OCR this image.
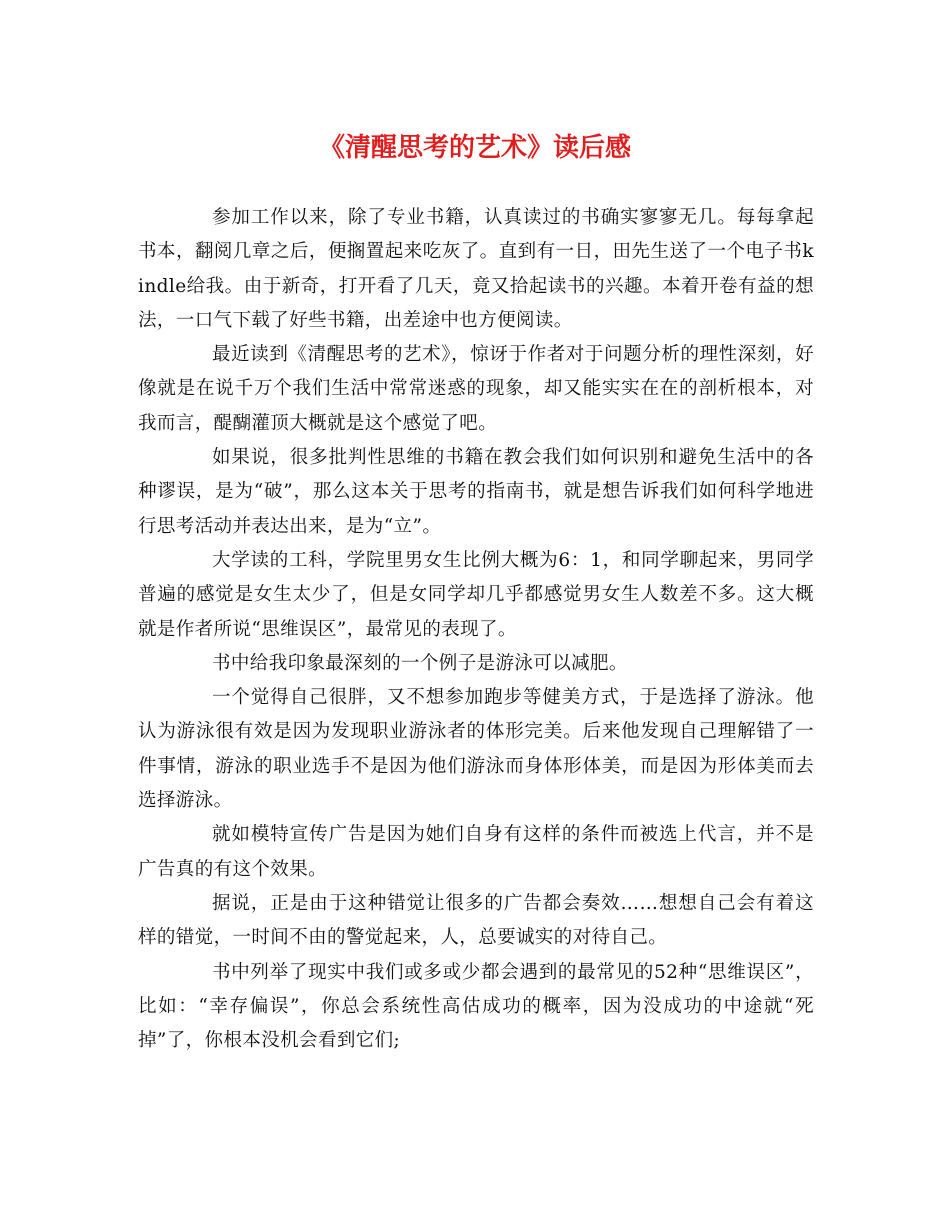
《清醒思考的艺术》读后感

参加工作以来，除了专业书籍，认真读过的书确实寥寥无几。每每拿起书本，翻阅几章之后，便搁置起来吃灰了。直到有一日，田先生送了一个电子书kindle给我。由于新奇，打开看了几天，竟又拾起读书的兴趣。本着开卷有益的想法，一口气下载了好些书籍，出差途中也方便阅读。

最近读到《清醒思考的艺术》，惊讶于作者对于问题分析的理性深刻，好像就是在说千万个我们生活中常常迷惑的现象，却又能实实在在的剖析根本，对我而言，醍醐灌顶大概就是这个感觉了吧。

如果说，很多批判性思维的书籍在教会我们如何识别和避免生活中的各种谬误，是为“破”，那么这本关于思考的指南书，就是想告诉我们如何科学地进行思考活动并表达出来，是为“立”。

大学读的工科，学院里男女生比例大概为6：1，和同学聊起来，男同学普遍的感觉是女生太少了，但是女同学却几乎都感觉男女生人数差不多。这大概就是作者所说“思维误区”，最常见的表现了。

书中给我印象最深刻的一个例子是游泳可以减肥。

一个觉得自己很胖，又不想参加跑步等健美方式，于是选择了游泳。他认为游泳很有效是因为发现职业游泳者的体形完美。后来他发现自己理解错了一件事情，游泳的职业选手不是因为他们游泳而身体形体美，而是因为形体美而去选择游泳。

就如模特宣传广告是因为她们自身有这样的条件而被选上代言，并不是广告真的有这个效果。

据说，正是由于这种错觉让很多的广告都会奏效……想想自己会有着这样的错觉，一时间不由的警觉起来，人，总要诚实的对待自己。

书中列举了现实中我们或多或少都会遇到的最常见的52种“思维误区”，比如：“幸存偏误”，你总会系统性高估成功的概率，因为没成功的中途就“死掉”了，你根本没机会看到它们;
